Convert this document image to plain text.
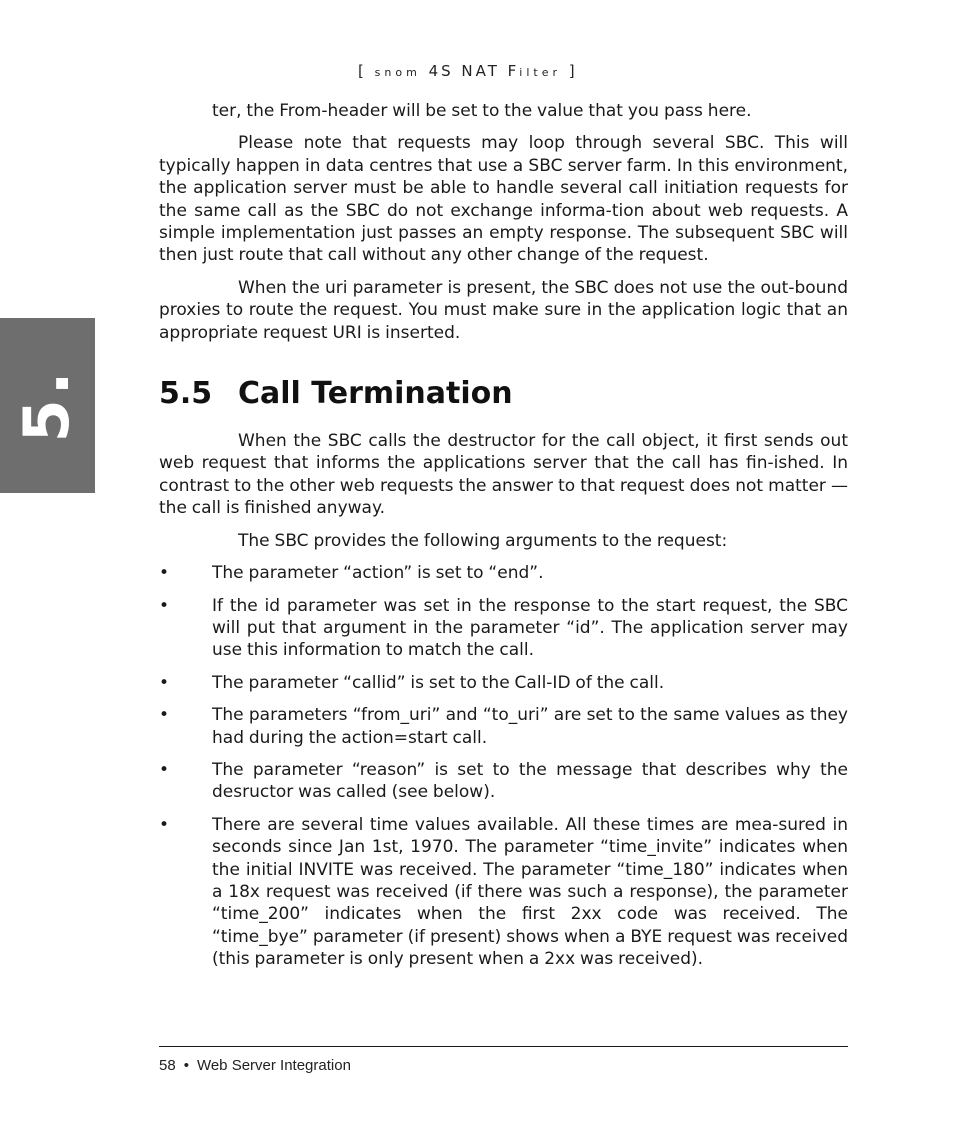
[ snom 4S NAT Filter ]
5.

ter, the From-header will be set to the value that you pass here.

Please note that requests may loop through several SBC. This will typically happen in data centres that use a SBC server farm. In this environment, the application server must be able to handle several call initiation requests for the same call as the SBC do not exchange informa-tion about web requests. A simple implementation just passes an empty response. The subsequent SBC will then just route that call without any other change of the request.

When the uri parameter is present, the SBC does not use the out-bound proxies to route the request. You must make sure in the application logic that an appropriate request URI is inserted.

5.5 Call Termination

When the SBC calls the destructor for the call object, it first sends out web request that informs the applications server that the call has fin-ished. In contrast to the other web requests the answer to that request does not matter — the call is finished anyway.

The SBC provides the following arguments to the request:

•	The parameter “action” is set to “end”.
•	If the id parameter was set in the response to the start request, the SBC will put that argument in the parameter “id”. The application server may use this information to match the call.
•	The parameter “callid” is set to the Call-ID of the call.
•	The parameters “from_uri” and “to_uri” are set to the same values as they had during the action=start call.
•	The parameter “reason” is set to the message that describes why the desructor was called (see below).
•	There are several time values available. All these times are mea-sured in seconds since Jan 1st, 1970. The parameter “time_invite” indicates when the initial INVITE was received. The parameter “time_180” indicates when a 18x request was received (if there was such a response), the parameter “time_200” indicates when the first 2xx code was received. The “time_bye” parameter (if present) shows when a BYE request was received (this parameter is only present when a 2xx was received).
58 • Web Server Integration
